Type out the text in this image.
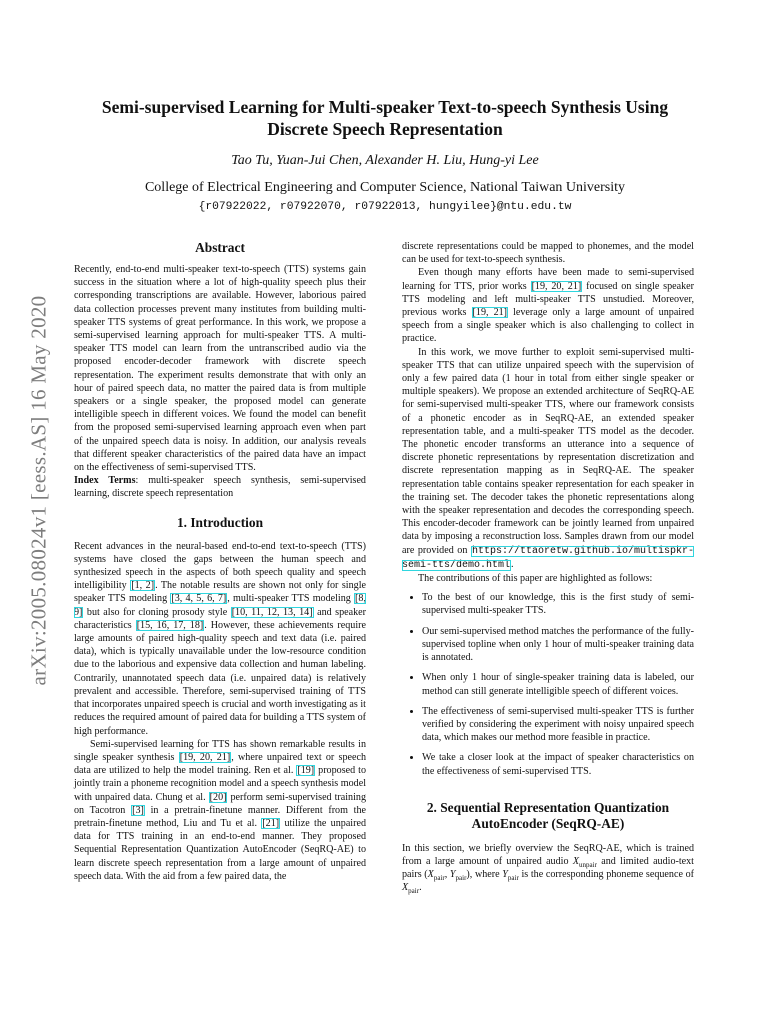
arXiv:2005.08024v1 [eess.AS] 16 May 2020
Semi-supervised Learning for Multi-speaker Text-to-speech Synthesis Using
Discrete Speech Representation
Tao Tu, Yuan-Jui Chen, Alexander H. Liu, Hung-yi Lee
College of Electrical Engineering and Computer Science, National Taiwan University
{r07922022, r07922070, r07922013, hungyilee}@ntu.edu.tw
Abstract

Recently, end-to-end multi-speaker text-to-speech (TTS) systems gain success in the situation where a lot of high-quality speech plus their corresponding transcriptions are available. However, laborious paired data collection processes prevent many institutes from building multi-speaker TTS systems of great performance. In this work, we propose a semi-supervised learning approach for multi-speaker TTS. A multi-speaker TTS model can learn from the untranscribed audio via the proposed encoder-decoder framework with discrete speech representation. The experiment results demonstrate that with only an hour of paired speech data, no matter the paired data is from multiple speakers or a single speaker, the proposed model can generate intelligible speech in different voices. We found the model can benefit from the proposed semi-supervised learning approach even when part of the unpaired speech data is noisy. In addition, our analysis reveals that different speaker characteristics of the paired data have an impact on the effectiveness of semi-supervised TTS.

Index Terms: multi-speaker speech synthesis, semi-supervised learning, discrete speech representation

1. Introduction

Recent advances in the neural-based end-to-end text-to-speech (TTS) systems have closed the gaps between the human speech and synthesized speech in the aspects of both speech quality and speech intelligibility [1, 2]. The notable results are shown not only for single speaker TTS modeling [3, 4, 5, 6, 7], multi-speaker TTS modeling [8, 9] but also for cloning prosody style [10, 11, 12, 13, 14] and speaker characteristics [15, 16, 17, 18]. However, these achievements require large amounts of paired high-quality speech and text data (i.e. paired data), which is typically unavailable under the low-resource condition due to the laborious and expensive data collection and human labeling. Contrarily, unannotated speech data (i.e. unpaired data) is relatively prevalent and accessible. Therefore, semi-supervised training of TTS that incorporates unpaired speech is crucial and worth investigating as it reduces the required amount of paired data for building a TTS system of high performance.

Semi-supervised learning for TTS has shown remarkable results in single speaker synthesis [19, 20, 21], where unpaired text or speech data are utilized to help the model training. Ren et al. [19] proposed to jointly train a phoneme recognition model and a speech synthesis model with unpaired data. Chung et al. [20] perform semi-supervised training on Tacotron [3] in a pretrain-finetune manner. Different from the pretrain-finetune method, Liu and Tu et al. [21] utilize the unpaired data for TTS training in an end-to-end manner. They proposed Sequential Representation Quantization AutoEncoder (SeqRQ-AE) to learn discrete speech representation from a large amount of unpaired speech data. With the aid from a few paired data, the

discrete representations could be mapped to phonemes, and the model can be used for text-to-speech synthesis.

Even though many efforts have been made to semi-supervised learning for TTS, prior works [19, 20, 21] focused on single speaker TTS modeling and left multi-speaker TTS unstudied. Moreover, previous works [19, 21] leverage only a large amount of unpaired speech from a single speaker which is also challenging to collect in practice.

In this work, we move further to exploit semi-supervised multi-speaker TTS that can utilize unpaired speech with the supervision of only a few paired data (1 hour in total from either single speaker or multiple speakers). We propose an extended architecture of SeqRQ-AE for semi-supervised multi-speaker TTS, where our framework consists of a phonetic encoder as in SeqRQ-AE, an extended speaker representation table, and a multi-speaker TTS model as the decoder. The phonetic encoder transforms an utterance into a sequence of discrete phonetic representations by representation discretization and discrete representation mapping as in SeqRQ-AE. The speaker representation table contains speaker representation for each speaker in the training set. The decoder takes the phonetic representations along with the speaker representation and decodes the corresponding speech. This encoder-decoder framework can be jointly learned from unpaired data by imposing a reconstruction loss. Samples drawn from our model are provided on https://ttaoretw.github.io/multispkr-semi-tts/demo.html.

The contributions of this paper are highlighted as follows:

• To the best of our knowledge, this is the first study of semi-supervised multi-speaker TTS.
• Our semi-supervised method matches the performance of the fully-supervised topline when only 1 hour of multi-speaker training data is annotated.
• When only 1 hour of single-speaker training data is labeled, our method can still generate intelligible speech of different voices.
• The effectiveness of semi-supervised multi-speaker TTS is further verified by considering the experiment with noisy unpaired speech data, which makes our method more feasible in practice.
• We take a closer look at the impact of speaker characteristics on the effectiveness of semi-supervised TTS.
2. Sequential Representation Quantization
AutoEncoder (SeqRQ-AE)

In this section, we briefly overview the SeqRQ-AE, which is trained from a large amount of unpaired audio $X_{unpair}$ and limited audio-text pairs ($X_{pair}$, $Y_{pair}$), where $Y_{pair}$ is the corresponding phoneme sequence of $X_{pair}$.
